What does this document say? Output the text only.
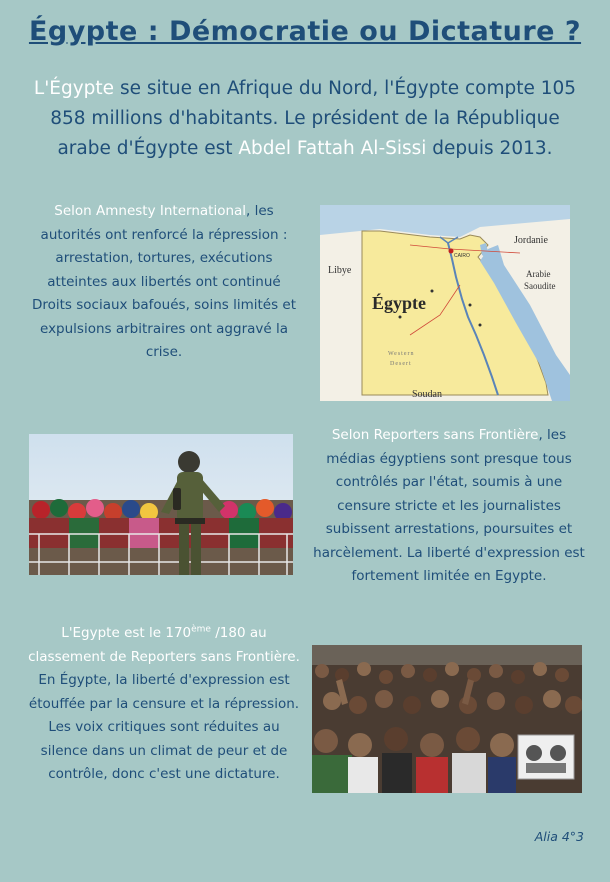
Égypte : Démocratie ou Dictature ?
L'Égypte se situe en Afrique du Nord, l'Égypte compte 105 858 millions d'habitants. Le président de la République arabe d'Égypte est Abdel Fattah Al-Sissi depuis 2013.
Selon Amnesty International, les autorités ont renforcé la répression : arrestation, tortures, exécutions atteintes aux libertés ont continué Droits sociaux bafoués, soins limités et expulsions arbitraires ont aggravé la crise.
CAIRO
Égypte
Libye
Jordanie
Arabie
Saoudite
Soudan
Western
Desert
Selon Reporters sans Frontière, les médias égyptiens sont presque tous contrôlés par l'état, soumis à une censure stricte et les journalistes subissent arrestations, poursuites et harcèlement. La liberté d'expression est fortement limitée en Egypte.
L'Egypte est le 170ème /180 au classement de Reporters sans Frontière.
En Égypte, la liberté d'expression est étouffée par la censure et la répression. Les voix critiques sont réduites au silence dans un climat de peur et de contrôle, donc c'est une dictature.
Alia 4°3
